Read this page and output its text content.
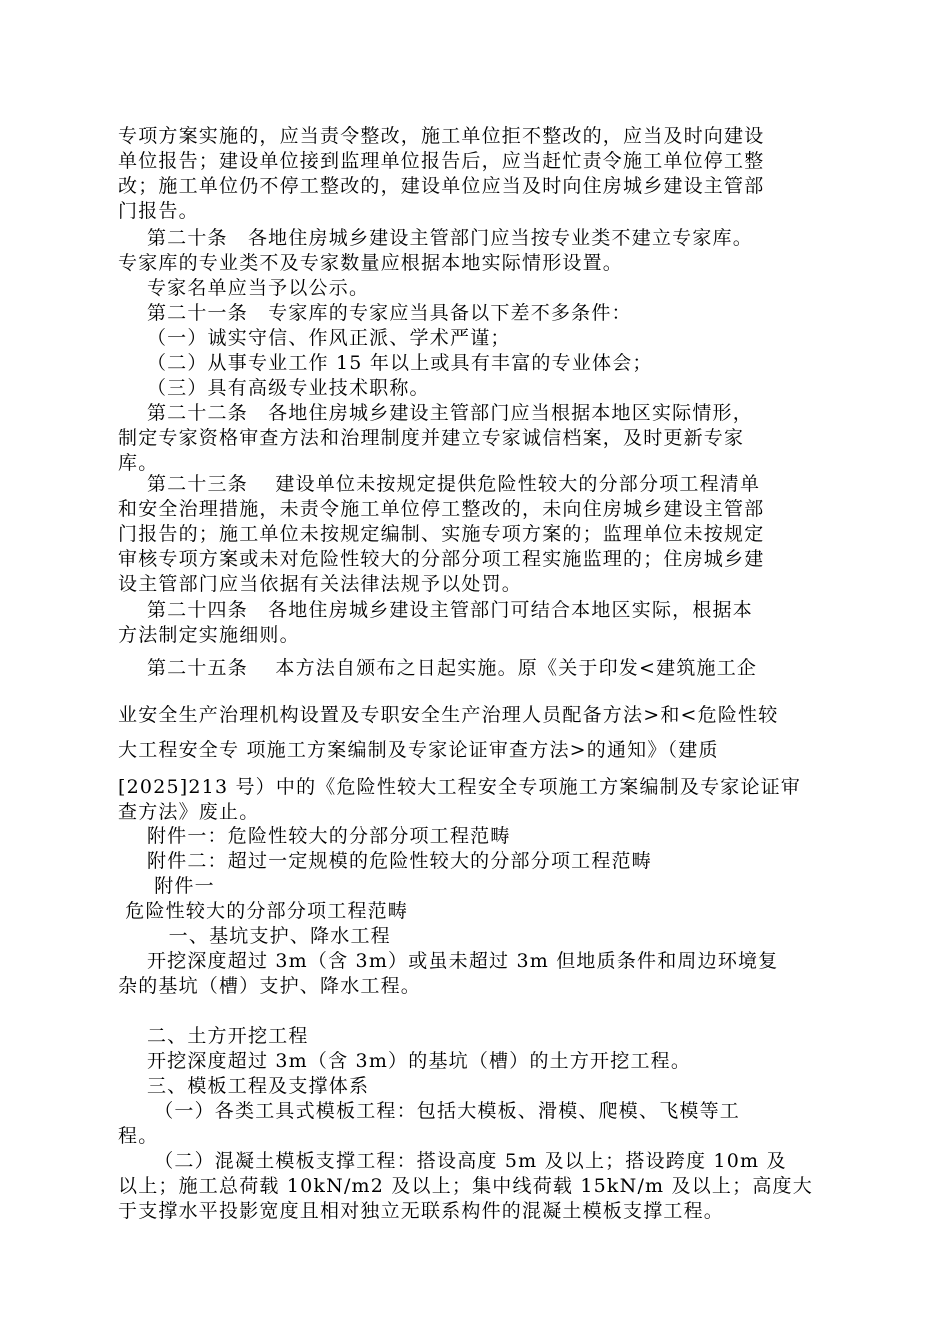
专项方案实施的，应当责令整改，施工单位拒不整改的，应当及时向建设
单位报告；建设单位接到监理单位报告后，应当赶忙责令施工单位停工整
改；施工单位仍不停工整改的，建设单位应当及时向住房城乡建设主管部
门报告。
第二十条　各地住房城乡建设主管部门应当按专业类不建立专家库。
专家库的专业类不及专家数量应根据本地实际情形设置。
专家名单应当予以公示。
第二十一条　专家库的专家应当具备以下差不多条件：
（一）诚实守信、作风正派、学术严谨；
（二）从事专业工作 15 年以上或具有丰富的专业体会；
（三）具有高级专业技术职称。
第二十二条　各地住房城乡建设主管部门应当根据本地区实际情形，
制定专家资格审查方法和治理制度并建立专家诚信档案，及时更新专家
库。
第二十三条　 建设单位未按规定提供危险性较大的分部分项工程清单
和安全治理措施，未责令施工单位停工整改的，未向住房城乡建设主管部
门报告的；施工单位未按规定编制、实施专项方案的；监理单位未按规定
审核专项方案或未对危险性较大的分部分项工程实施监理的；住房城乡建
设主管部门应当依据有关法律法规予以处罚。
第二十四条　各地住房城乡建设主管部门可结合本地区实际，根据本
方法制定实施细则。
第二十五条　 本方法自颁布之日起实施。原《关于印发<建筑施工企
业安全生产治理机构设置及专职安全生产治理人员配备方法>和<危险性较
大工程安全专 项施工方案编制及专家论证审查方法>的通知》（建质
[2025]213 号）中的《危险性较大工程安全专项施工方案编制及专家论证审
查方法》废止。
附件一：危险性较大的分部分项工程范畴
附件二：超过一定规模的危险性较大的分部分项工程范畴
附件一
危险性较大的分部分项工程范畴
一、基坑支护、降水工程
开挖深度超过 3m（含 3m）或虽未超过 3m 但地质条件和周边环境复
杂的基坑（槽）支护、降水工程。
二、土方开挖工程
开挖深度超过 3m（含 3m）的基坑（槽）的土方开挖工程。
三、模板工程及支撑体系
（一）各类工具式模板工程：包括大模板、滑模、爬模、飞模等工
程。
（二）混凝土模板支撑工程：搭设高度 5m 及以上；搭设跨度 10m 及
以上；施工总荷载 10kN/m2 及以上；集中线荷载 15kN/m 及以上；高度大
于支撑水平投影宽度且相对独立无联系构件的混凝土模板支撑工程。
